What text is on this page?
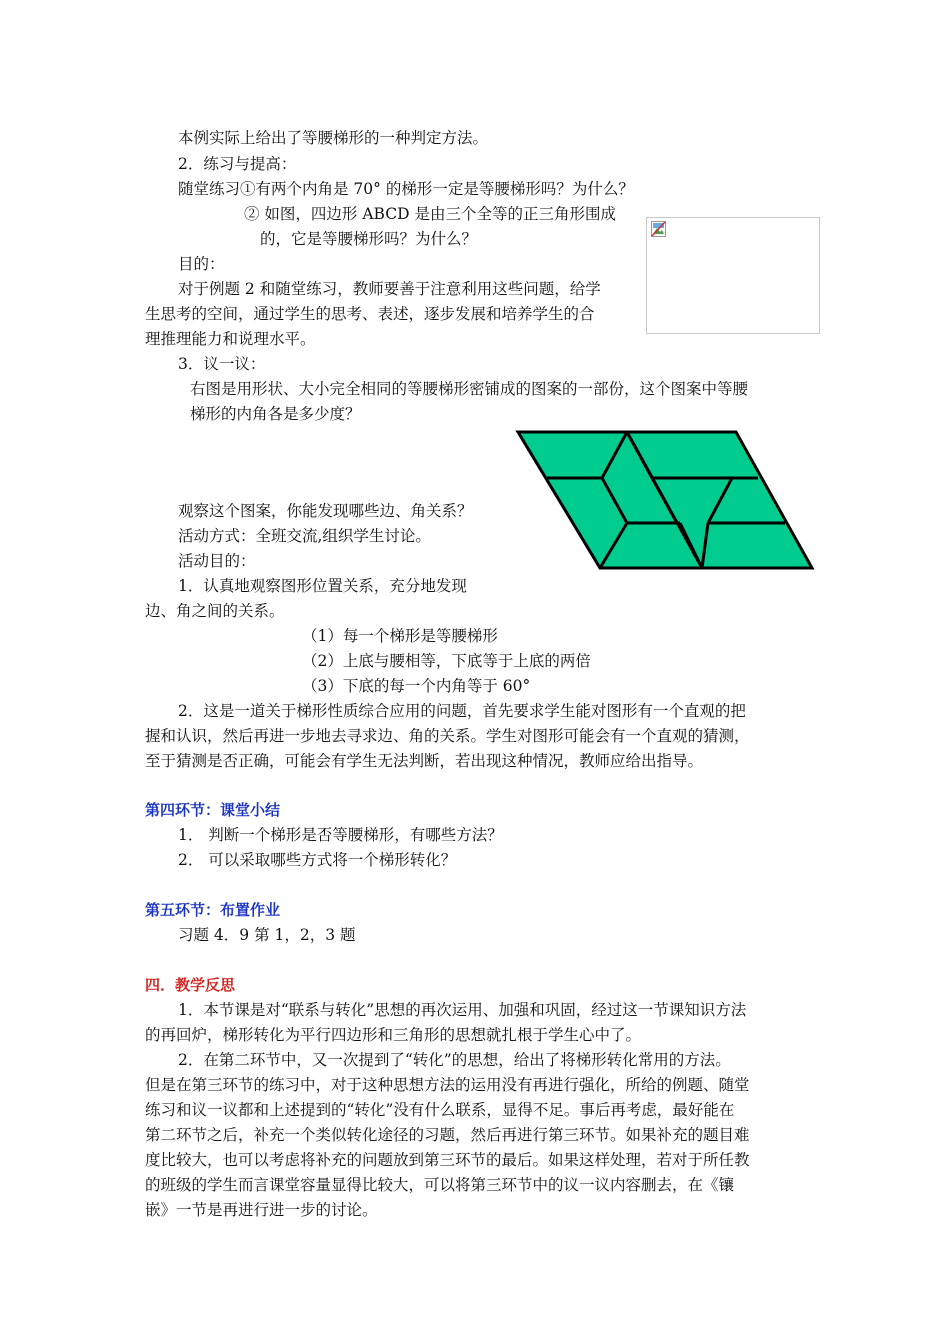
本例实际上给出了等腰梯形的一种判定方法。
2．练习与提高：
随堂练习①有两个内角是 70° 的梯形一定是等腰梯形吗？为什么？
② 如图，四边形 ABCD 是由三个全等的正三角形围成
的，它是等腰梯形吗？为什么？
目的：
对于例题 2 和随堂练习，教师要善于注意利用这些问题，给学
生思考的空间，通过学生的思考、表述，逐步发展和培养学生的合
理推理能力和说理水平。
3．议一议：
右图是用形状、大小完全相同的等腰梯形密铺成的图案的一部份，这个图案中等腰
梯形的内角各是多少度？
观察这个图案，你能发现哪些边、角关系？
活动方式：全班交流,组织学生讨论。
活动目的：
1．认真地观察图形位置关系，充分地发现
边、角之间的关系。
（1）每一个梯形是等腰梯形
（2）上底与腰相等，下底等于上底的两倍
（3）下底的每一个内角等于 60°
2．这是一道关于梯形性质综合应用的问题，首先要求学生能对图形有一个直观的把
握和认识，然后再进一步地去寻求边、角的关系。学生对图形可能会有一个直观的猜测，
至于猜测是否正确，可能会有学生无法判断，若出现这种情况，教师应给出指导。
第四环节：课堂小结
1． 判断一个梯形是否等腰梯形，有哪些方法？
2． 可以采取哪些方式将一个梯形转化？
第五环节：布置作业
习题 4．9 第 1，2，3 题
四．教学反思
1．本节课是对“联系与转化”思想的再次运用、加强和巩固，经过这一节课知识方法
的再回炉，梯形转化为平行四边形和三角形的思想就扎根于学生心中了。
2．在第二环节中，又一次提到了“转化”的思想，给出了将梯形转化常用的方法。
但是在第三环节的练习中，对于这种思想方法的运用没有再进行强化，所给的例题、随堂
练习和议一议都和上述提到的“转化”没有什么联系，显得不足。事后再考虑，最好能在
第二环节之后，补充一个类似转化途径的习题，然后再进行第三环节。如果补充的题目难
度比较大，也可以考虑将补充的问题放到第三环节的最后。如果这样处理，若对于所任教
的班级的学生而言课堂容量显得比较大，可以将第三环节中的议一议内容删去，在《镶
嵌》一节是再进行进一步的讨论。
